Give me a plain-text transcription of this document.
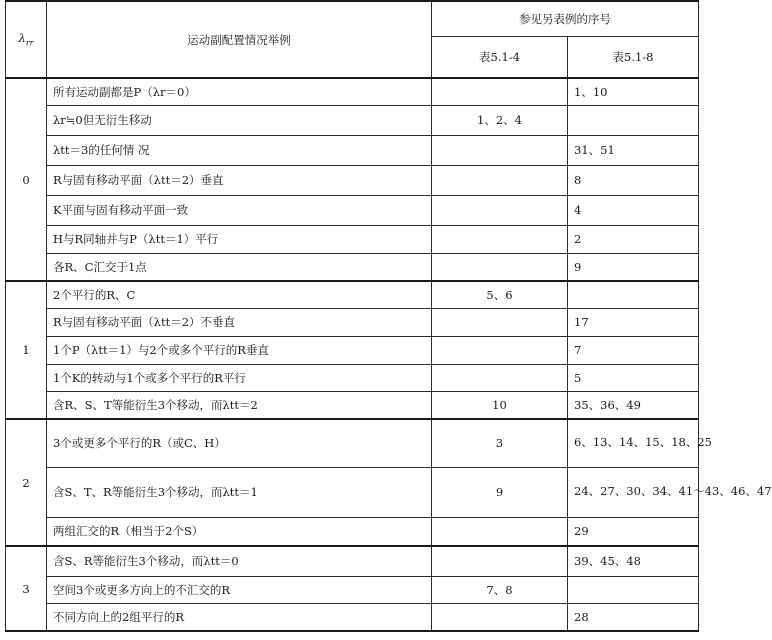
$\lambda_{rr}$	运动副配置情况举例	参见另表例的序号	
		表5.1-4	表5.1-8
0	所有运动副都是P（λr＝0）		1、10
	λr≒0但无衍生移动	1、2、4	
	λtt＝3的任何情 况		31、51
	R与固有移动平面（λtt＝2）垂直		8
	K平面与固有移动平面一致		4
	H与R同轴并与P（λtt＝1）平行		2
	各R、C汇交于1点		9
1	2个平行的R、C	5、6	
	R与固有移动平面（λtt＝2）不垂直		17
	1个P（λtt＝1）与2个或多个平行的R垂直		7
	1个K的转动与1个或多个平行的R平行		5
	含R、S、T等能衍生3个移动，而λtt＝2	10	35、36、49
2	3个或更多个平行的R（或C、H）	3	6、13、14、15、18、25
	含S、T、R等能衍生3个移动，而λtt＝1	9	24、27、30、34、41～43、46、47
	两组汇交的R（相当于2个S）		29
3	含S、R等能衍生3个移动，而λtt＝0		39、45、48
	空间3个或更多方向上的不汇交的R	7、8	
	不同方向上的2组平行的R		28
